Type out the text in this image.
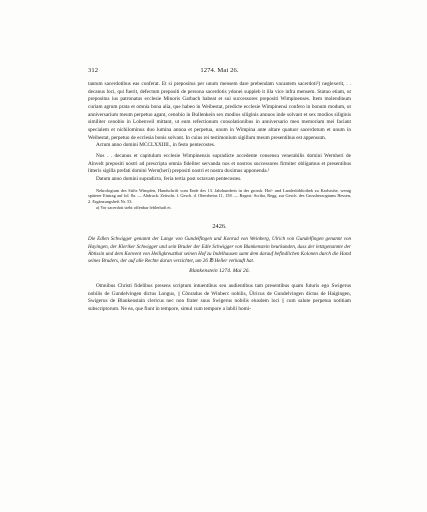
312	1274. Mai 26.

tantum sacerdotibus eas conferat. Et si prepositus per unum mensem dare prebendam vacantem sacerdoti²) neglexerit, . . decanus loci, qui fuerit, defectum prepositi de persona sacerdotis ydonei suppleb it illa vice infra mensem. Statuo etiam, ut prepositus ius patronatus ecclesie Minoris Garbach habeat et sui successores prepositi Wimpinenses. Item molendinum curiam agrum prata et omnia bona alia, que habeo in Weibestat, predicte ecclesie Wimpinensi confero in bonum modum, ut anniversarium meum perpetuo agant, cenobio in Bullenkein sex modios siliginis annuos inde solvant et sex modios siliginis similiter cenobio in Lobenveil mittant, ut eum refectionum consolationibus in anniversario meo memoriam mei faciant specialem et nichilominus duo lumina annoa et perpetua, unum in Wimpina ante altare quatuor sacerdotum et unum in Weibestat, perpetuo de ecclesia bonis solvant. In cuius rei testimonium sigillum meum presentibus est appensum.

Actum anno domini MCCLXXIIII., in festo pentecostes.

Nos . . decanus et capitulum ecclesie Wimpinensis supradicte accedente consensu venerabilis domini Wernheri de Alnvelt prepositi nostri ad prescripta omnia fideliter servanda nos et nostros successores firmiter obligamus et presentibus litteris sigilla prefati domini Wern(heri) prepositi nostri et nostra duximus apponenda.¹

Datum anno domini supradicto, feria tertia post octavam pentecostes.

Nekrologium des Stifts Wimpfen, Handschrift vom Ende des 13. Jahrhunderts in der grossh. Hof- und Landesbibliothek zu Karlsruhe, wenig späterer Eintrag auf fol. 8a. — Abdruck: Zeitschr. f. Gesch. d. Oberrheins 11, 158. — Regest: Scriba, Regg. zur Gesch. des Grossherzogtums Hessen, 2. Ergänzungsheft Nr. 53.

a) Vor sacerdoti steht offenbar fehlerhaft et.

2426.

Die Edlen Schwigger genannt der Lange von Gundelfingen und Konrad von Weinberg, Ulrich von Gundelfingen genannt von Hayingen, der Kleriker Schwigger und sein Bruder der Edle Schwigger von Blankenstein beurkunden, dass der letztgenannte der Äbtissin und dem Konvent von Heiligkreuzthal seinen Hof zu Indelhausen samt dem darauf befindlichen Kolonen durch die Hand seines Bruders, der auf alle Rechte daran verzichtet, um 26 ℔ Heller verkauft hat.

Blankenstein 1274. Mai 26.

Omnibus Christi fidelibus presens scriptum intuentibus seu audientibus tam presentibus quam futuris ego Swigerus nobilis de Gundelvingen dictus Longus, || Cônradus de Winberc nobilis, Ülricus de Gundelvingen dictus de Haigingen, Swigerus de Blankenstain clericus nec non frater suus Swigerus nobilis eiusdem loci || cum salute perpetua notitiam subscriptorum. Ne ea, que fiunt in tempore, simul cum tempore a labili homi-
